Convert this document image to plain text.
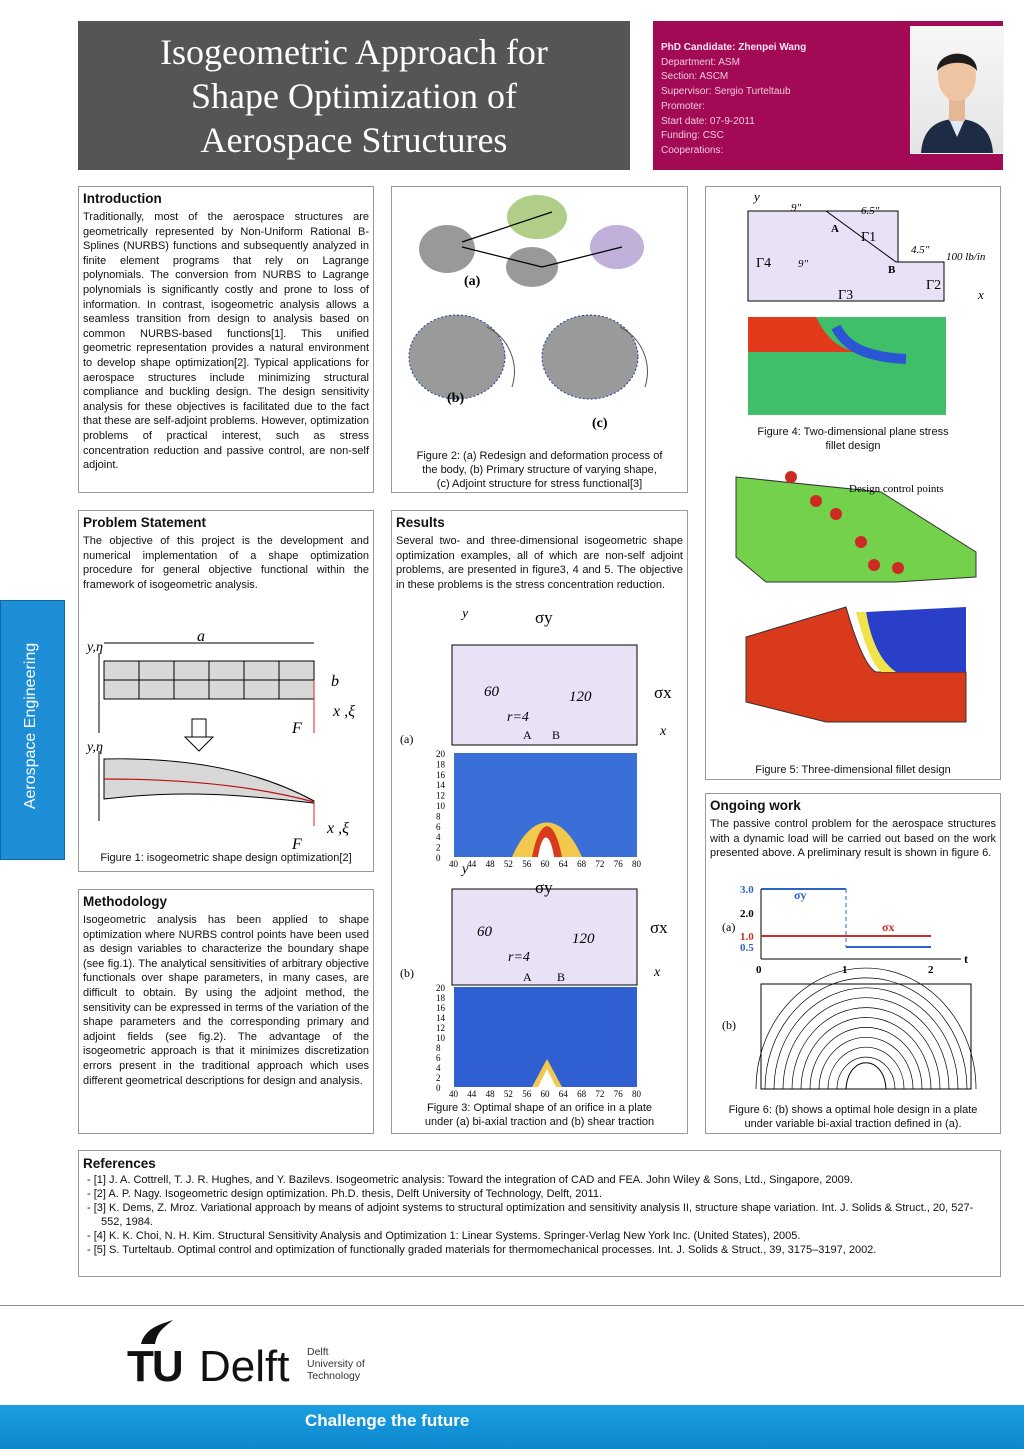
Isogeometric Approach for Shape Optimization of Aerospace Structures
PhD Candidate: Zhenpei Wang
Department: ASM
Section: ASCM
Supervisor: Sergio Turteltaub
Promoter:
Start date: 07-9-2011
Funding: CSC
Cooperations:
Aerospace Engineering
Introduction
Traditionally, most of the aerospace structures are geometrically represented by Non-Uniform Rational B-Splines (NURBS) functions and subsequently analyzed in finite element programs that rely on Lagrange polynomials. The conversion from NURBS to Lagrange polynomials is significantly costly and prone to loss of information. In contrast, isogeometric analysis allows a seamless transition from design to analysis based on common NURBS-based functions[1]. This unified geometric representation provides a natural environment to develop shape optimization[2]. Typical applications for aerospace structures include minimizing structural compliance and buckling design. The design sensitivity analysis for these objectives is facilitated due to the fact that these are self-adjoint problems. However, optimization problems of practical interest, such as stress concentration reduction and passive control, are non-self adjoint.
(a)
(b)
(c)
Figure 2: (a) Redesign and deformation process of
the body, (b) Primary structure of varying shape,
(c) Adjoint structure for stress functional[3]
Problem Statement
The objective of this project is the development and numerical implementation of a shape optimization procedure for general objective functional within the framework of isogeometric analysis.
y,η
a
b
x ,ξ
F
y,η
x ,ξ
F
Figure 1: isogeometric shape design optimization[2]
Methodology
Isogeometric analysis has been applied to shape optimization where NURBS control points have been used as design variables to characterize the boundary shape (see fig.1). The analytical sensitivities of arbitrary objective functionals over shape parameters, in many cases, are difficult to obtain. By using the adjoint method, the sensitivity can be expressed in terms of the variation of the shape parameters and the corresponding primary and adjoint fields (see fig.2). The advantage of the isogeometric approach is that it minimizes discretization errors present in the traditional approach which uses different geometrical descriptions for design and analysis.
Results
Several two- and three-dimensional isogeometric shape optimization examples, all of which are non-self adjoint problems, are presented in figure3, 4 and 5. The objective in these problems is the stress concentration reduction.
y	σy
σx
60	120
r=4
A B	x
(a)
y
σy
σx
60	120
r=4
A B	x
(b)
20
18
16
14
12
10
8
6
4
2
0
40 44 48 52 56 60 64 68 72 76 80
20
18
16
14
12
10
8
6
4
2
0
40 44 48 52 56 60 64 68 72 76 80
Figure 3: Optimal shape of an orifice in a plate
under (a) bi-axial traction and (b) shear traction
y
9"	6.5"
A
Γ1
4.5"
Γ4 9"	B
100 lb/in
Γ2
Γ3	x
Figure 4: Two-dimensional plane stress
fillet design
Design control points
Figure 5: Three-dimensional fillet design
Ongoing work
The passive control problem for the aerospace structures with a dynamic load will be carried out based on the work presented above. A preliminary result is shown in figure 6.
3.0
2.0
1.0
0.5
0	1	2
t
σy
σx
(a)
(b)
Figure 6: (b) shows a optimal hole design in a plate
under variable bi-axial traction defined in (a).
References
- [1] J. A. Cottrell, T. J. R. Hughes, and Y. Bazilevs. Isogeometric analysis: Toward the integration of CAD and FEA. John Wiley & Sons, Ltd., Singapore, 2009.
- [2] A. P. Nagy. Isogeometric design optimization. Ph.D. thesis, Delft University of Technology, Delft, 2011.
- [3] K. Dems, Z. Mroz. Variational approach by means of adjoint systems to structural optimization and sensitivity analysis II, structure shape variation. Int. J. Solids & Struct., 20, 527-552, 1984.
- [4] K. K. Choi, N. H. Kim. Structural Sensitivity Analysis and Optimization 1: Linear Systems. Springer-Verlag New York Inc. (United States), 2005.
- [5] S. Turteltaub. Optimal control and optimization of functionally graded materials for thermomechanical processes. Int. J. Solids & Struct., 39, 3175–3197, 2002.
TU Delft Delft
University of
Technology
Challenge the future
